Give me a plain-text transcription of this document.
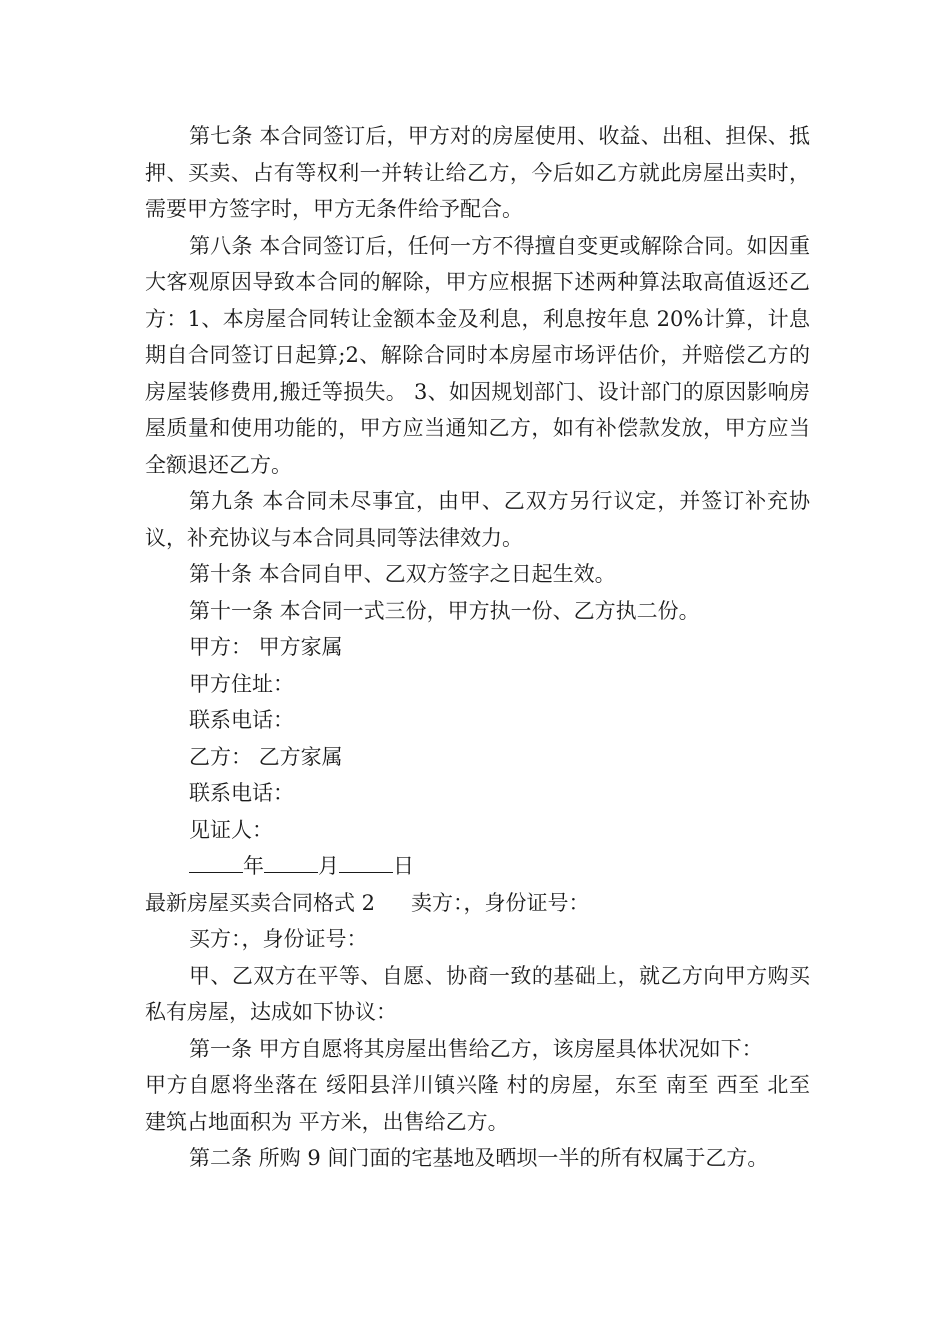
第七条 本合同签订后，甲方对的房屋使用、收益、出租、担保、抵押、买卖、占有等权利一并转让给乙方，今后如乙方就此房屋出卖时，需要甲方签字时，甲方无条件给予配合。

第八条 本合同签订后，任何一方不得擅自变更或解除合同。如因重大客观原因导致本合同的解除，甲方应根据下述两种算法取高值返还乙方：1、本房屋合同转让金额本金及利息，利息按年息 20%计算，计息期自合同签订日起算;2、解除合同时本房屋市场评估价，并赔偿乙方的房屋装修费用,搬迁等损失。 3、如因规划部门、设计部门的原因影响房屋质量和使用功能的，甲方应当通知乙方，如有补偿款发放，甲方应当全额退还乙方。

第九条 本合同未尽事宜，由甲、乙双方另行议定，并签订补充协议，补充协议与本合同具同等法律效力。

第十条 本合同自甲、乙双方签字之日起生效。

第十一条 本合同一式三份，甲方执一份、乙方执二份。

甲方： 甲方家属

甲方住址：

联系电话：

乙方： 乙方家属

联系电话：

见证人：

年	月	日

最新房屋买卖合同格式 2 卖方：，身份证号：

买方：，身份证号：

甲、乙双方在平等、自愿、协商一致的基础上，就乙方向甲方购买私有房屋，达成如下协议：

第一条 甲方自愿将其房屋出售给乙方，该房屋具体状况如下：

甲方自愿将坐落在 绥阳县洋川镇兴隆 村的房屋，东至 南至 西至 北至 建筑占地面积为 平方米，出售给乙方。

第二条 所购 9 间门面的宅基地及晒坝一半的所有权属于乙方。
